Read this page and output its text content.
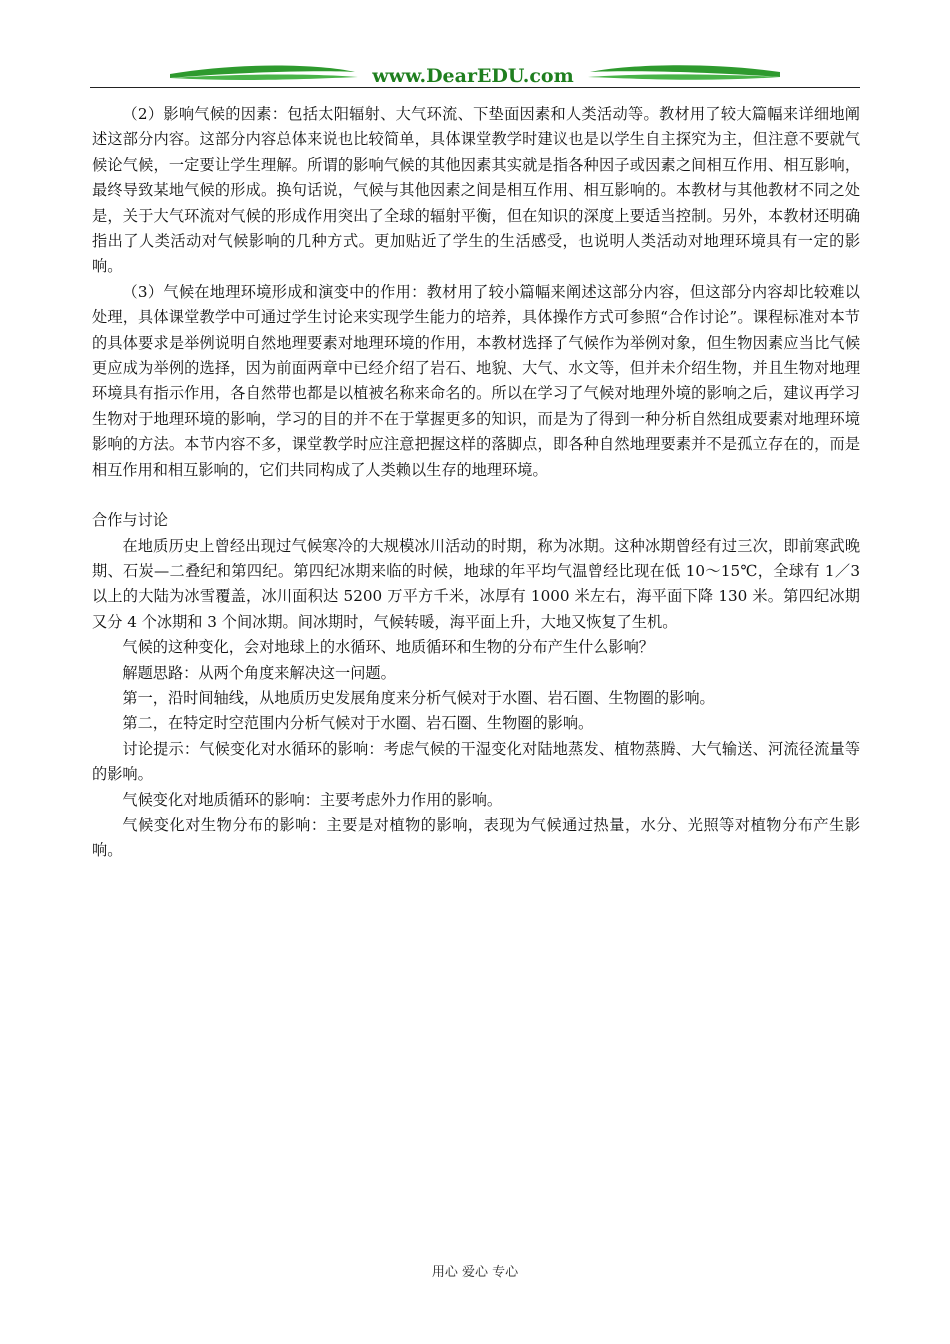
www.DearEDU.com

（2）影响气候的因素：包括太阳辐射、大气环流、下垫面因素和人类活动等。教材用了较大篇幅来详细地阐述这部分内容。这部分内容总体来说也比较简单，具体课堂教学时建议也是以学生自主探究为主，但注意不要就气候论气候，一定要让学生理解。所谓的影响气候的其他因素其实就是指各种因子或因素之间相互作用、相互影响，最终导致某地气候的形成。换句话说，气候与其他因素之间是相互作用、相互影响的。本教材与其他教材不同之处是，关于大气环流对气候的形成作用突出了全球的辐射平衡，但在知识的深度上要适当控制。另外，本教材还明确指出了人类活动对气候影响的几种方式。更加贴近了学生的生活感受，也说明人类活动对地理环境具有一定的影响。

（3）气候在地理环境形成和演变中的作用：教材用了较小篇幅来阐述这部分内容，但这部分内容却比较难以处理，具体课堂教学中可通过学生讨论来实现学生能力的培养，具体操作方式可参照“合作讨论”。课程标准对本节的具体要求是举例说明自然地理要素对地理环境的作用，本教材选择了气候作为举例对象，但生物因素应当比气候更应成为举例的选择，因为前面两章中已经介绍了岩石、地貌、大气、水文等，但并未介绍生物，并且生物对地理环境具有指示作用，各自然带也都是以植被名称来命名的。所以在学习了气候对地理外境的影响之后，建议再学习生物对于地理环境的影响，学习的目的并不在于掌握更多的知识，而是为了得到一种分析自然组成要素对地理环境影响的方法。本节内容不多，课堂教学时应注意把握这样的落脚点，即各种自然地理要素并不是孤立存在的，而是相互作用和相互影响的，它们共同构成了人类赖以生存的地理环境。

合作与讨论

在地质历史上曾经出现过气候寒冷的大规模冰川活动的时期，称为冰期。这种冰期曾经有过三次，即前寒武晚期、石炭—二叠纪和第四纪。第四纪冰期来临的时候，地球的年平均气温曾经比现在低 10～15℃，全球有 1／3 以上的大陆为冰雪覆盖，冰川面积达 5200 万平方千米，冰厚有 1000 米左右，海平面下降 130 米。第四纪冰期又分 4 个冰期和 3 个间冰期。间冰期时，气候转暖，海平面上升，大地又恢复了生机。

气候的这种变化，会对地球上的水循环、地质循环和生物的分布产生什么影响？

解题思路：从两个角度来解决这一问题。

第一，沿时间轴线，从地质历史发展角度来分析气候对于水圈、岩石圈、生物圈的影响。

第二，在特定时空范围内分析气候对于水圈、岩石圈、生物圈的影响。

讨论提示：气候变化对水循环的影响：考虑气候的干湿变化对陆地蒸发、植物蒸腾、大气输送、河流径流量等的影响。

气候变化对地质循环的影响：主要考虑外力作用的影响。

气候变化对生物分布的影响：主要是对植物的影响，表现为气候通过热量，水分、光照等对植物分布产生影响。

用心 爱心 专心
